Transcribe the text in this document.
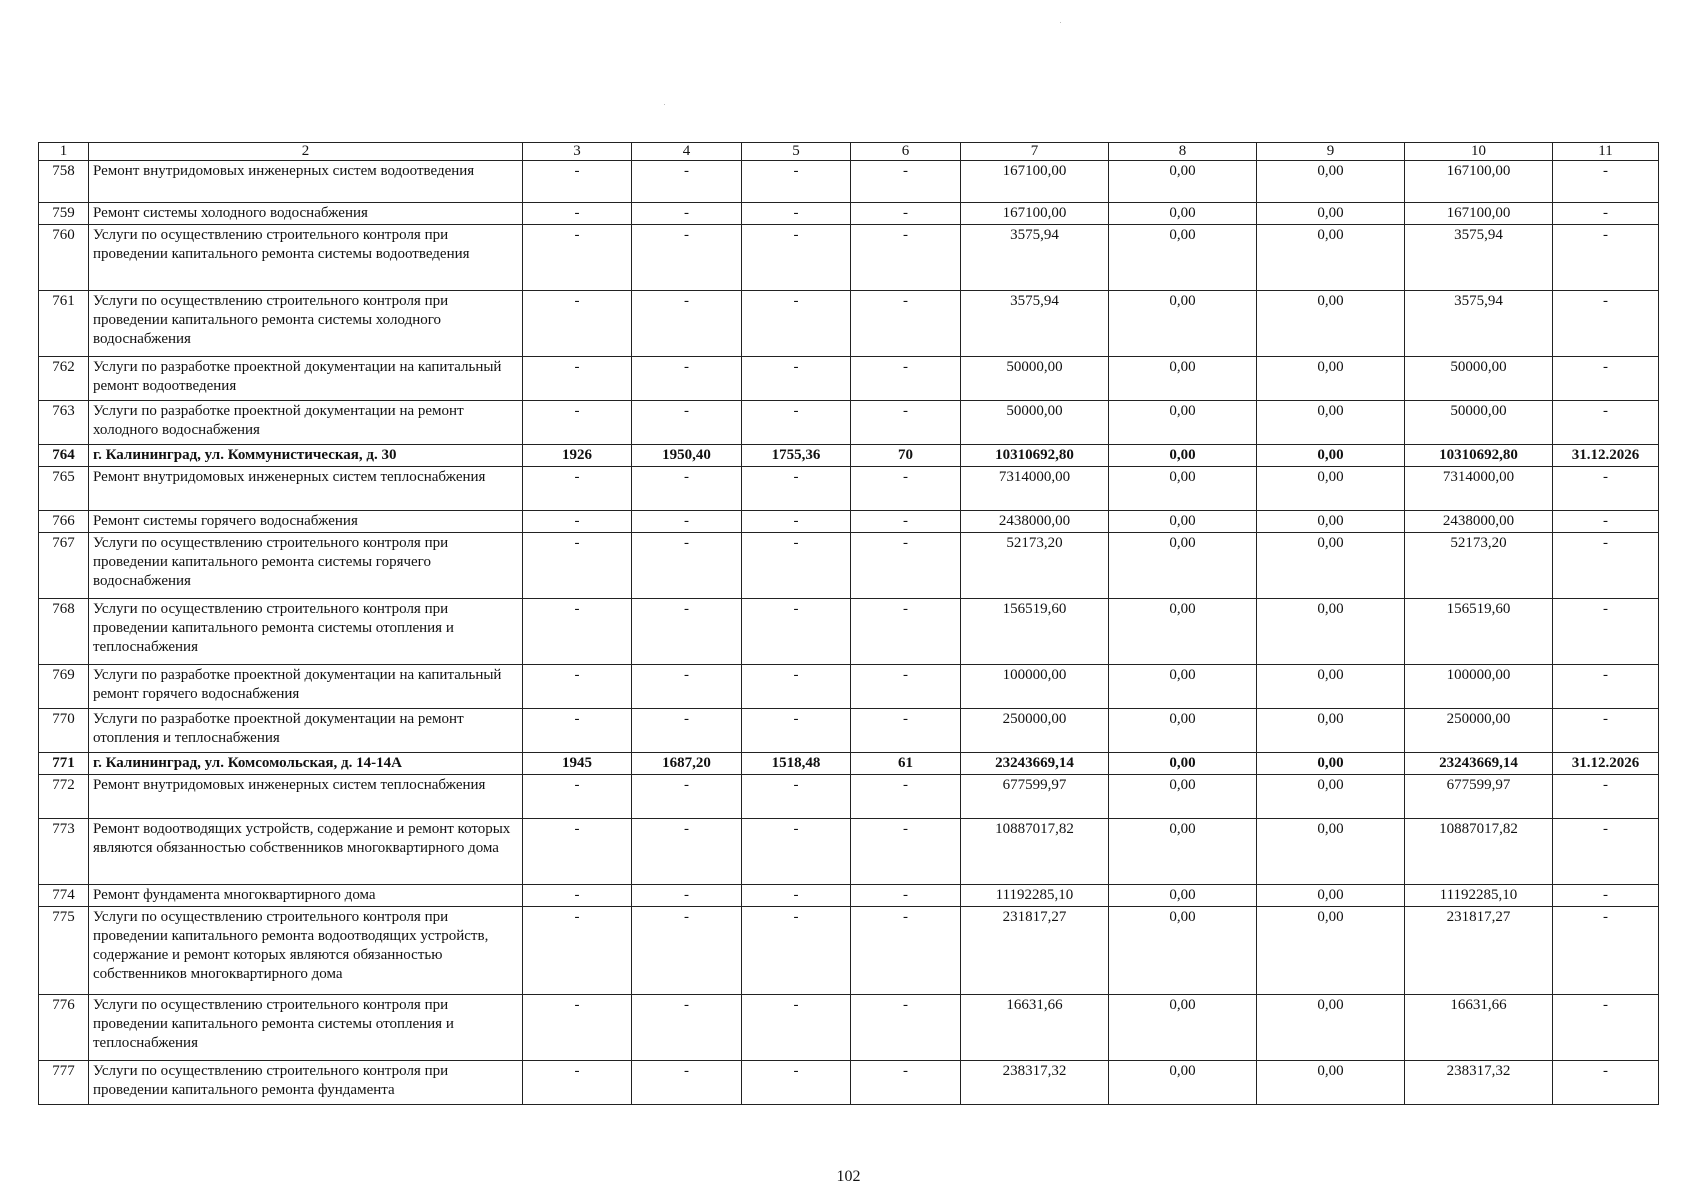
1	2	3	4	5	6	7	8	9	10	11
758	Ремонт внутридомовых инженерных систем водоотведения	-	-	-	-	167100,00	0,00	0,00	167100,00	-
759	Ремонт системы холодного водоснабжения	-	-	-	-	167100,00	0,00	0,00	167100,00	-
760	Услуги по осуществлению строительного контроля при проведении капитального ремонта системы водоотведения	-	-	-	-	3575,94	0,00	0,00	3575,94	-
761	Услуги по осуществлению строительного контроля при проведении капитального ремонта системы холодного водоснабжения	-	-	-	-	3575,94	0,00	0,00	3575,94	-
762	Услуги по разработке проектной документации на капитальный ремонт водоотведения	-	-	-	-	50000,00	0,00	0,00	50000,00	-
763	Услуги по разработке проектной документации на ремонт холодного водоснабжения	-	-	-	-	50000,00	0,00	0,00	50000,00	-
764	г. Калининград, ул. Коммунистическая, д. 30	1926	1950,40	1755,36	70	10310692,80	0,00	0,00	10310692,80	31.12.2026
765	Ремонт внутридомовых инженерных систем теплоснабжения	-	-	-	-	7314000,00	0,00	0,00	7314000,00	-
766	Ремонт системы горячего водоснабжения	-	-	-	-	2438000,00	0,00	0,00	2438000,00	-
767	Услуги по осуществлению строительного контроля при проведении капитального ремонта системы горячего водоснабжения	-	-	-	-	52173,20	0,00	0,00	52173,20	-
768	Услуги по осуществлению строительного контроля при проведении капитального ремонта системы отопления и теплоснабжения	-	-	-	-	156519,60	0,00	0,00	156519,60	-
769	Услуги по разработке проектной документации на капитальный ремонт горячего водоснабжения	-	-	-	-	100000,00	0,00	0,00	100000,00	-
770	Услуги по разработке проектной документации на ремонт отопления и теплоснабжения	-	-	-	-	250000,00	0,00	0,00	250000,00	-
771	г. Калининград, ул. Комсомольская, д. 14-14А	1945	1687,20	1518,48	61	23243669,14	0,00	0,00	23243669,14	31.12.2026
772	Ремонт внутридомовых инженерных систем теплоснабжения	-	-	-	-	677599,97	0,00	0,00	677599,97	-
773	Ремонт водоотводящих устройств, содержание и ремонт которых являются обязанностью собственников многоквартирного дома	-	-	-	-	10887017,82	0,00	0,00	10887017,82	-
774	Ремонт фундамента многоквартирного дома	-	-	-	-	11192285,10	0,00	0,00	11192285,10	-
775	Услуги по осуществлению строительного контроля при проведении капитального ремонта водоотводящих устройств, содержание и ремонт которых являются обязанностью собственников многоквартирного дома	-	-	-	-	231817,27	0,00	0,00	231817,27	-
776	Услуги по осуществлению строительного контроля при проведении капитального ремонта системы отопления и теплоснабжения	-	-	-	-	16631,66	0,00	0,00	16631,66	-
777	Услуги по осуществлению строительного контроля при проведении капитального ремонта фундамента	-	-	-	-	238317,32	0,00	0,00	238317,32	-
102
